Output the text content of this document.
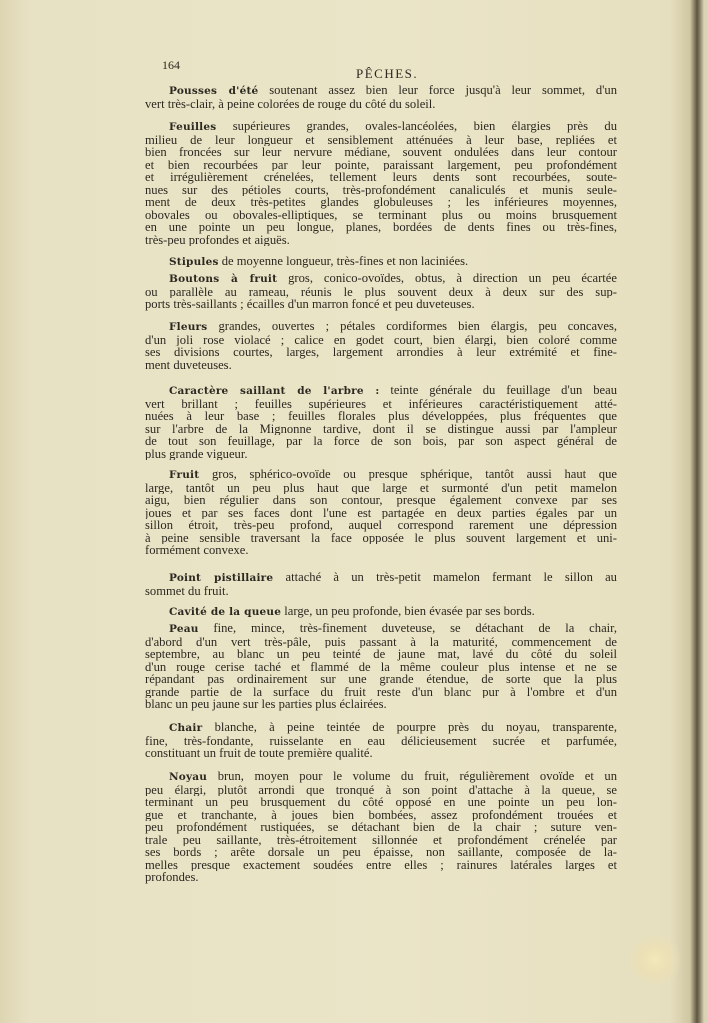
164
PÊCHES.
Pousses d'été soutenant assez bien leur force jusqu'à leur sommet, d'un
vert très-clair, à peine colorées de rouge du côté du soleil.
Feuilles supérieures grandes, ovales-lancéolées, bien élargies près du
milieu de leur longueur et sensiblement atténuées à leur base, repliées et
bien froncées sur leur nervure médiane, souvent ondulées dans leur contour
et bien recourbées par leur pointe, paraissant largement, peu profondément
et irrégulièrement crénelées, tellement leurs dents sont recourbées, soute-
nues sur des pétioles courts, très-profondément canaliculés et munis seule-
ment de deux très-petites glandes globuleuses ; les inférieures moyennes,
obovales ou obovales-elliptiques, se terminant plus ou moins brusquement
en une pointe un peu longue, planes, bordées de dents fines ou très-fines,
très-peu profondes et aiguës.
Stipules de moyenne longueur, très-fines et non laciniées.
Boutons à fruit gros, conico-ovoïdes, obtus, à direction un peu écartée
ou parallèle au rameau, réunis le plus souvent deux à deux sur des sup-
ports très-saillants ; écailles d'un marron foncé et peu duveteuses.
Fleurs grandes, ouvertes ; pétales cordiformes bien élargis, peu concaves,
d'un joli rose violacé ; calice en godet court, bien élargi, bien coloré comme
ses divisions courtes, larges, largement arrondies à leur extrémité et fine-
ment duveteuses.
Caractère saillant de l'arbre : teinte générale du feuillage d'un beau
vert brillant ; feuilles supérieures et inférieures caractéristiquement atté-
nuées à leur base ; feuilles florales plus développées, plus fréquentes que
sur l'arbre de la Mignonne tardive, dont il se distingue aussi par l'ampleur
de tout son feuillage, par la force de son bois, par son aspect général de
plus grande vigueur.
Fruit gros, sphérico-ovoïde ou presque sphérique, tantôt aussi haut que
large, tantôt un peu plus haut que large et surmonté d'un petit mamelon
aigu, bien régulier dans son contour, presque également convexe par ses
joues et par ses faces dont l'une est partagée en deux parties égales par un
sillon étroit, très-peu profond, auquel correspond rarement une dépression
à peine sensible traversant la face opposée le plus souvent largement et uni-
formément convexe.
Point pistillaire attaché à un très-petit mamelon fermant le sillon au
sommet du fruit.
Cavité de la queue large, un peu profonde, bien évasée par ses bords.
Peau fine, mince, très-finement duveteuse, se détachant de la chair,
d'abord d'un vert très-pâle, puis passant à la maturité, commencement de
septembre, au blanc un peu teinté de jaune mat, lavé du côté du soleil
d'un rouge cerise taché et flammé de la même couleur plus intense et ne se
répandant pas ordinairement sur une grande étendue, de sorte que la plus
grande partie de la surface du fruit reste d'un blanc pur à l'ombre et d'un
blanc un peu jaune sur les parties plus éclairées.
Chair blanche, à peine teintée de pourpre près du noyau, transparente,
fine, très-fondante, ruisselante en eau délicieusement sucrée et parfumée,
constituant un fruit de toute première qualité.
Noyau brun, moyen pour le volume du fruit, régulièrement ovoïde et un
peu élargi, plutôt arrondi que tronqué à son point d'attache à la queue, se
terminant un peu brusquement du côté opposé en une pointe un peu lon-
gue et tranchante, à joues bien bombées, assez profondément trouées et
peu profondément rustiquées, se détachant bien de la chair ; suture ven-
trale peu saillante, très-étroitement sillonnée et profondément crénelée par
ses bords ; arête dorsale un peu épaisse, non saillante, composée de la-
melles presque exactement soudées entre elles ; rainures latérales larges et
profondes.
